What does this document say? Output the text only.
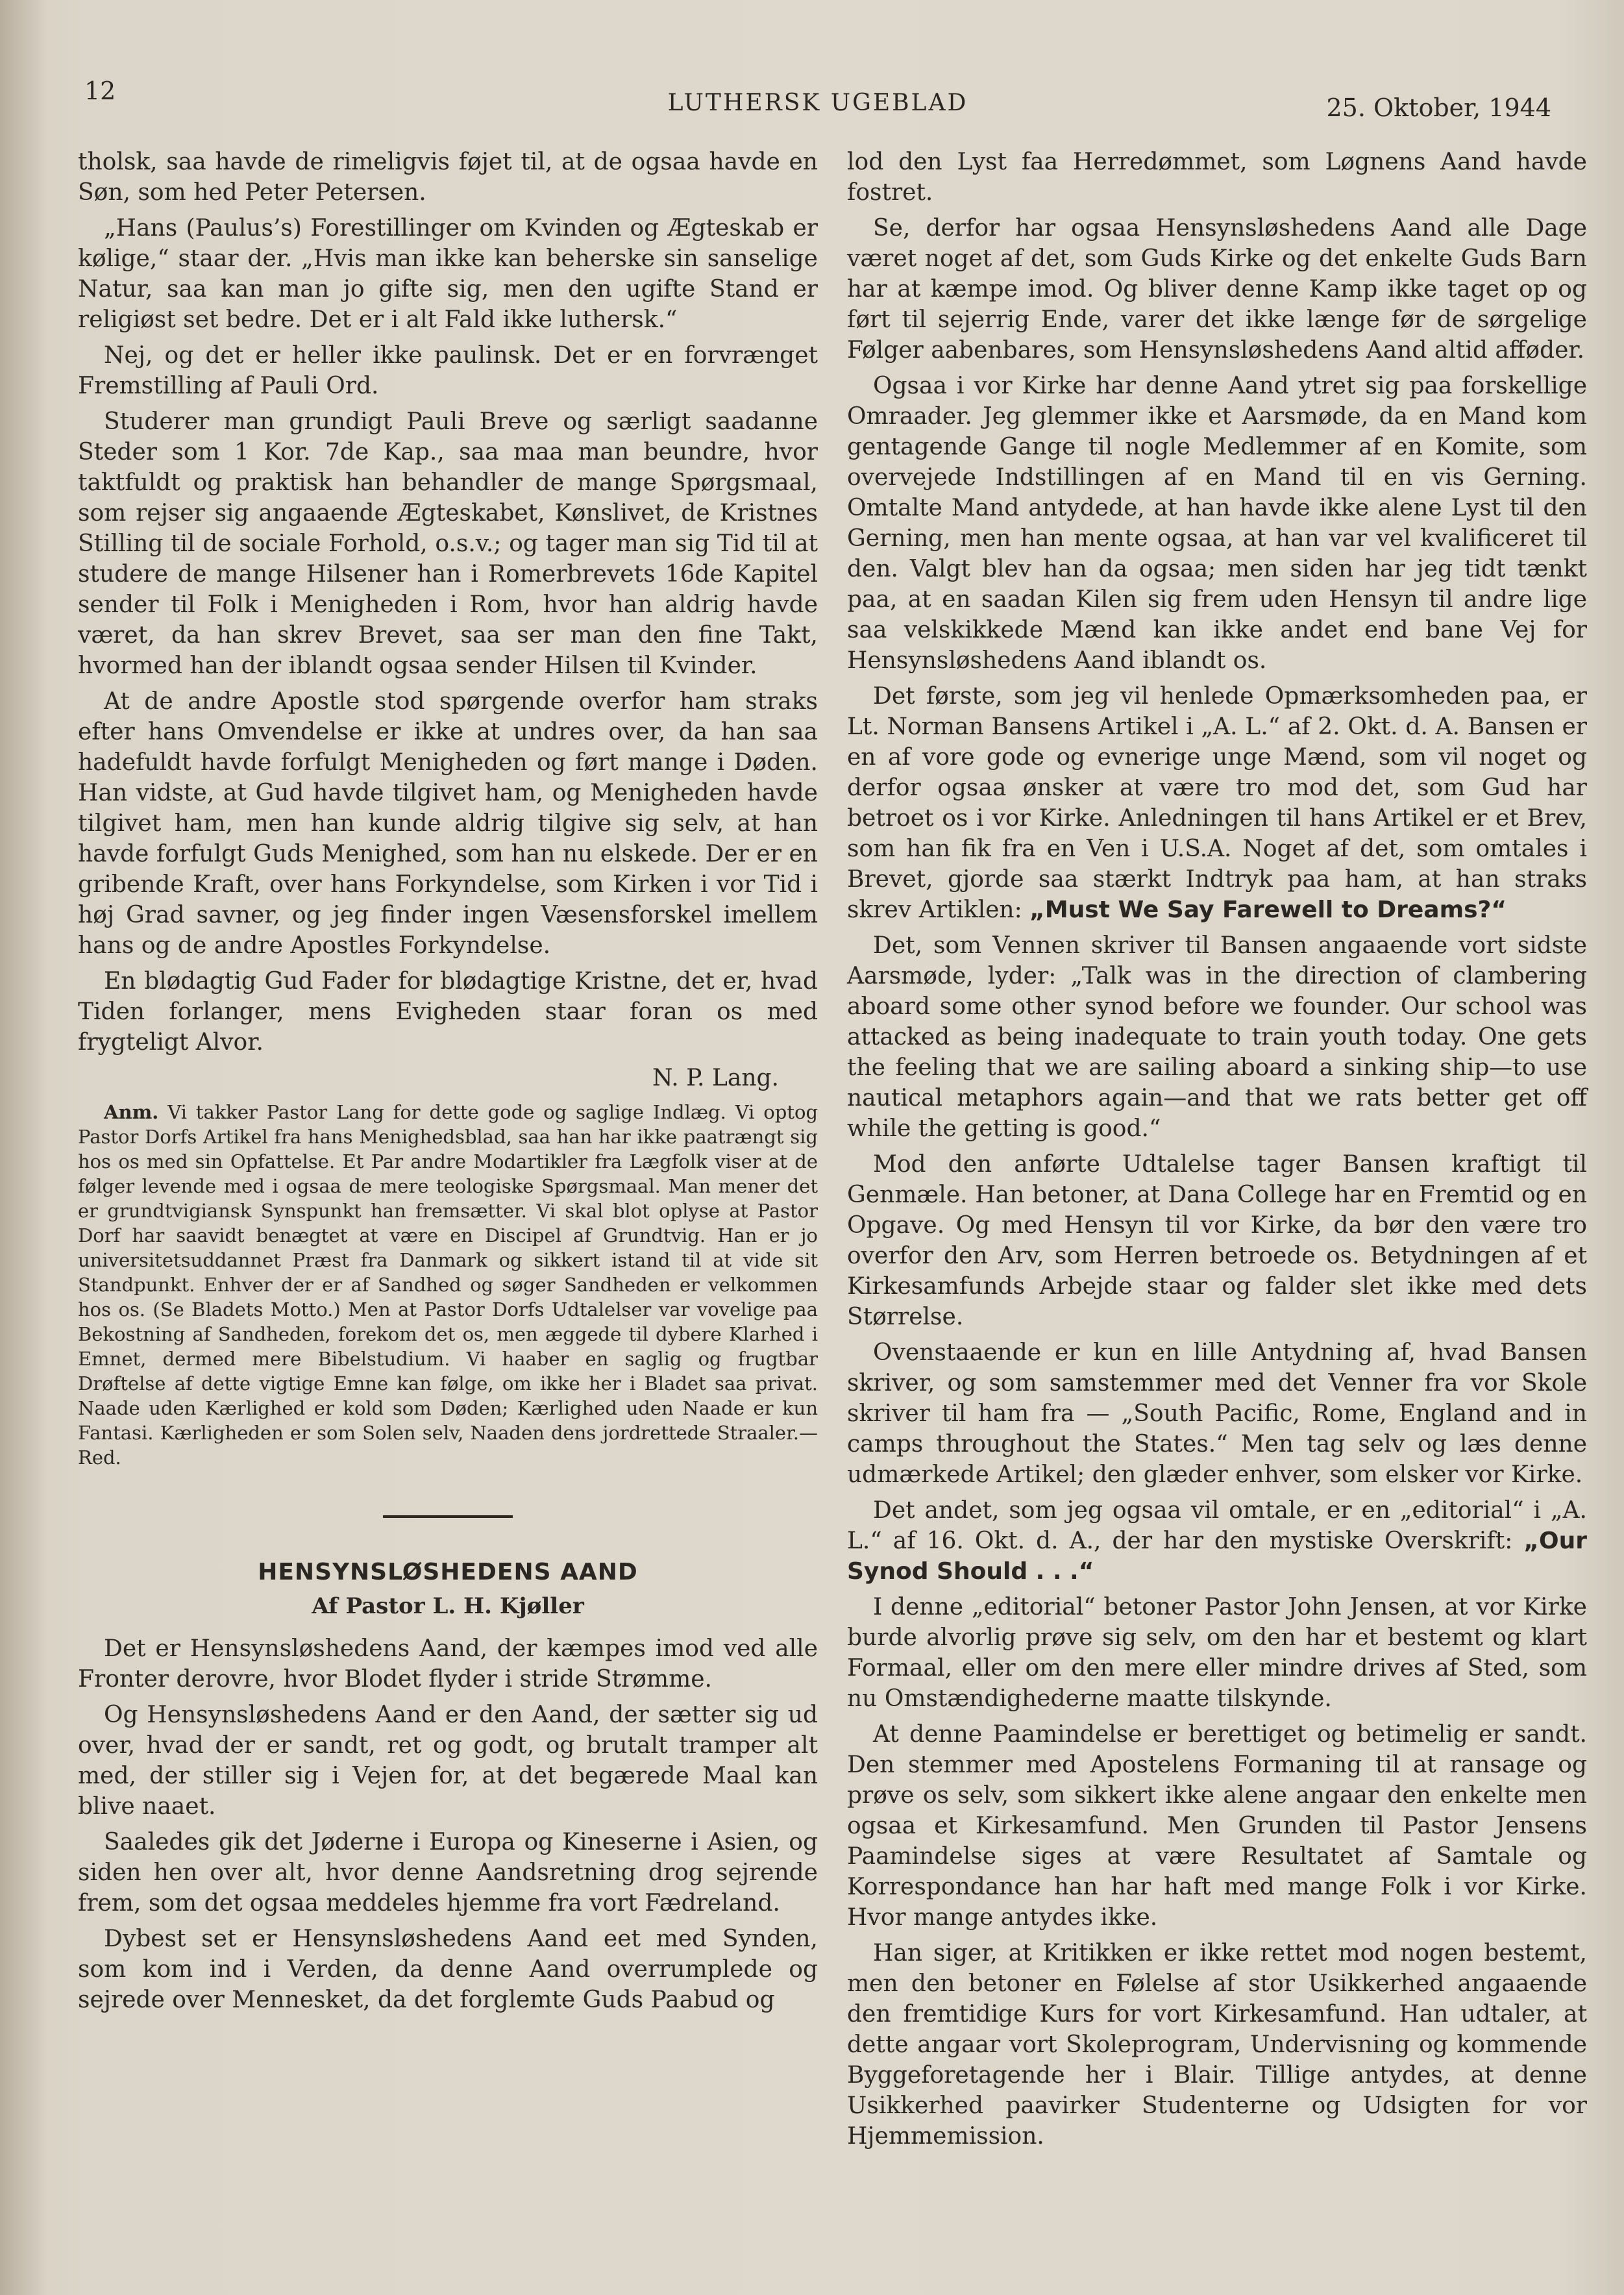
12	LUTHERSK UGEBLAD	25. Oktober, 1944

tholsk, saa havde de rimeligvis føjet til, at de ogsaa havde en Søn, som hed Peter Petersen.

„Hans (Paulus’s) Forestillinger om Kvinden og Ægteskab er kølige,“ staar der. „Hvis man ikke kan beherske sin sanselige Natur, saa kan man jo gifte sig, men den ugifte Stand er religiøst set bedre. Det er i alt Fald ikke luthersk.“

Nej, og det er heller ikke paulinsk. Det er en forvrænget Fremstilling af Pauli Ord.

Studerer man grundigt Pauli Breve og særligt saadanne Steder som 1 Kor. 7de Kap., saa maa man beundre, hvor taktfuldt og praktisk han behandler de mange Spørgsmaal, som rejser sig angaaende Ægteskabet, Kønslivet, de Kristnes Stilling til de sociale Forhold, o.s.v.; og tager man sig Tid til at studere de mange Hilsener han i Romerbrevets 16de Kapitel sender til Folk i Menigheden i Rom, hvor han aldrig havde været, da han skrev Brevet, saa ser man den fine Takt, hvormed han der iblandt ogsaa sender Hilsen til Kvinder.

At de andre Apostle stod spørgende overfor ham straks efter hans Omvendelse er ikke at undres over, da han saa hadefuldt havde forfulgt Menigheden og ført mange i Døden. Han vidste, at Gud havde tilgivet ham, og Menigheden havde tilgivet ham, men han kunde aldrig tilgive sig selv, at han havde forfulgt Guds Menighed, som han nu elskede. Der er en gribende Kraft, over hans Forkyndelse, som Kirken i vor Tid i høj Grad savner, og jeg finder ingen Væsensforskel imellem hans og de andre Apostles Forkyndelse.

En blødagtig Gud Fader for blødagtige Kristne, det er, hvad Tiden forlanger, mens Evigheden staar foran os med frygteligt Alvor.

N. P. Lang.

Anm. Vi takker Pastor Lang for dette gode og saglige Indlæg. Vi optog Pastor Dorfs Artikel fra hans Menighedsblad, saa han har ikke paatrængt sig hos os med sin Opfattelse. Et Par andre Modartikler fra Lægfolk viser at de følger levende med i ogsaa de mere teologiske Spørgsmaal. Man mener det er grundtvigiansk Synspunkt han fremsætter. Vi skal blot oplyse at Pastor Dorf har saavidt benægtet at være en Discipel af Grundtvig. Han er jo universitetsuddannet Præst fra Danmark og sikkert istand til at vide sit Standpunkt. Enhver der er af Sandhed og søger Sandheden er velkommen hos os. (Se Bladets Motto.) Men at Pastor Dorfs Udtalelser var vovelige paa Bekostning af Sandheden, forekom det os, men æggede til dybere Klarhed i Emnet, dermed mere Bibelstudium. Vi haaber en saglig og frugtbar Drøftelse af dette vigtige Emne kan følge, om ikke her i Bladet saa privat. Naade uden Kærlighed er kold som Døden; Kærlighed uden Naade er kun Fantasi. Kærligheden er som Solen selv, Naaden dens jordrettede Straaler.—Red.

HENSYNSLØSHEDENS AAND
Af Pastor L. H. Kjøller

Det er Hensynsløshedens Aand, der kæmpes imod ved alle Fronter derovre, hvor Blodet flyder i stride Strømme.

Og Hensynsløshedens Aand er den Aand, der sætter sig ud over, hvad der er sandt, ret og godt, og brutalt tramper alt med, der stiller sig i Vejen for, at det begærede Maal kan blive naaet.

Saaledes gik det Jøderne i Europa og Kineserne i Asien, og siden hen over alt, hvor denne Aandsretning drog sejrende frem, som det ogsaa meddeles hjemme fra vort Fædreland.

Dybest set er Hensynsløshedens Aand eet med Synden, som kom ind i Verden, da denne Aand overrumplede og sejrede over Mennesket, da det forglemte Guds Paabud og

lod den Lyst faa Herredømmet, som Løgnens Aand havde fostret.

Se, derfor har ogsaa Hensynsløshedens Aand alle Dage været noget af det, som Guds Kirke og det enkelte Guds Barn har at kæmpe imod. Og bliver denne Kamp ikke taget op og ført til sejerrig Ende, varer det ikke længe før de sørgelige Følger aabenbares, som Hensynsløshedens Aand altid afføder.

Ogsaa i vor Kirke har denne Aand ytret sig paa forskellige Omraader. Jeg glemmer ikke et Aarsmøde, da en Mand kom gentagende Gange til nogle Medlemmer af en Komite, som overvejede Indstillingen af en Mand til en vis Gerning. Omtalte Mand antydede, at han havde ikke alene Lyst til den Gerning, men han mente ogsaa, at han var vel kvalificeret til den. Valgt blev han da ogsaa; men siden har jeg tidt tænkt paa, at en saadan Kilen sig frem uden Hensyn til andre lige saa velskikkede Mænd kan ikke andet end bane Vej for Hensynsløshedens Aand iblandt os.

Det første, som jeg vil henlede Opmærksomheden paa, er Lt. Norman Bansens Artikel i „A. L.“ af 2. Okt. d. A. Bansen er en af vore gode og evnerige unge Mænd, som vil noget og derfor ogsaa ønsker at være tro mod det, som Gud har betroet os i vor Kirke. Anledningen til hans Artikel er et Brev, som han fik fra en Ven i U.S.A. Noget af det, som omtales i Brevet, gjorde saa stærkt Indtryk paa ham, at han straks skrev Artiklen: „Must We Say Farewell to Dreams?“

Det, som Vennen skriver til Bansen angaaende vort sidste Aarsmøde, lyder: „Talk was in the direction of clambering aboard some other synod before we founder. Our school was attacked as being inadequate to train youth today. One gets the feeling that we are sailing aboard a sinking ship—to use nautical metaphors again—and that we rats better get off while the getting is good.“

Mod den anførte Udtalelse tager Bansen kraftigt til Genmæle. Han betoner, at Dana College har en Fremtid og en Opgave. Og med Hensyn til vor Kirke, da bør den være tro overfor den Arv, som Herren betroede os. Betydningen af et Kirkesamfunds Arbejde staar og falder slet ikke med dets Størrelse.

Ovenstaaende er kun en lille Antydning af, hvad Bansen skriver, og som samstemmer med det Venner fra vor Skole skriver til ham fra — „South Pacific, Rome, England and in camps throughout the States.“ Men tag selv og læs denne udmærkede Artikel; den glæder enhver, som elsker vor Kirke.

Det andet, som jeg ogsaa vil omtale, er en „editorial“ i „A. L.“ af 16. Okt. d. A., der har den mystiske Overskrift: „Our Synod Should . . .“

I denne „editorial“ betoner Pastor John Jensen, at vor Kirke burde alvorlig prøve sig selv, om den har et bestemt og klart Formaal, eller om den mere eller mindre drives af Sted, som nu Omstændighederne maatte tilskynde.

At denne Paamindelse er berettiget og betimelig er sandt. Den stemmer med Apostelens Formaning til at ransage og prøve os selv, som sikkert ikke alene angaar den enkelte men ogsaa et Kirkesamfund. Men Grunden til Pastor Jensens Paamindelse siges at være Resultatet af Samtale og Korrespondance han har haft med mange Folk i vor Kirke. Hvor mange antydes ikke.

Han siger, at Kritikken er ikke rettet mod nogen bestemt, men den betoner en Følelse af stor Usikkerhed angaaende den fremtidige Kurs for vort Kirkesamfund. Han udtaler, at dette angaar vort Skoleprogram, Undervisning og kommende Byggeforetagende her i Blair. Tillige antydes, at denne Usikkerhed paavirker Studenterne og Udsigten for vor Hjemmemission.
